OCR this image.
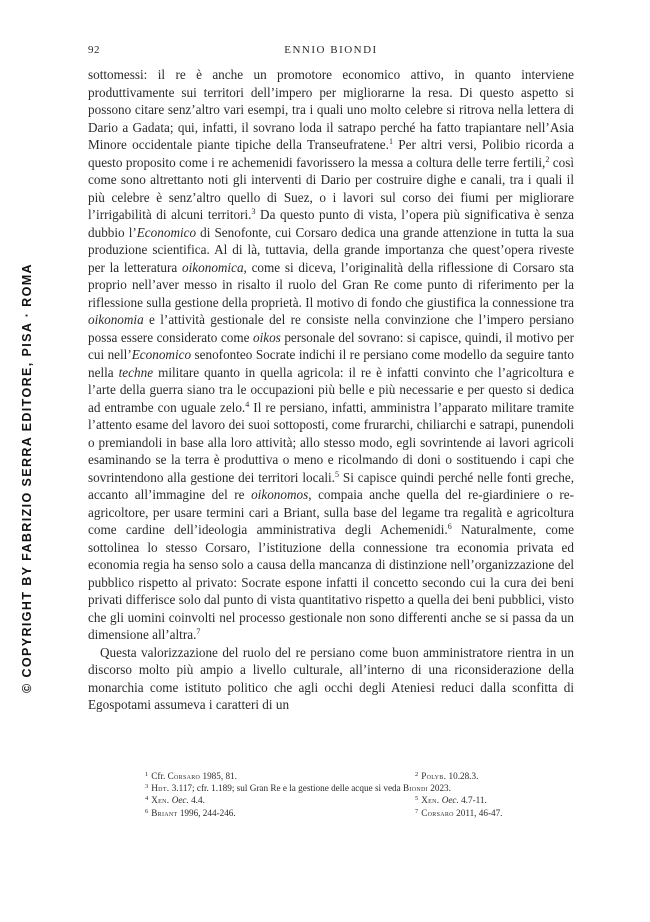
92	ENNIO BIONDI
© COPYRIGHT BY FABRIZIO SERRA EDITORE, PISA · ROMA

sottomessi: il re è anche un promotore economico attivo, in quanto interviene produttivamente sui territori dell’impero per migliorarne la resa. Di questo aspetto si possono citare senz’altro vari esempi, tra i quali uno molto celebre si ritrova nella lettera di Dario a Gadata; qui, infatti, il sovrano loda il satrapo perché ha fatto trapiantare nell’Asia Minore occidentale piante tipiche della Transeufratene.$^1$ Per altri versi, Polibio ricorda a questo proposito come i re achemenidi favorissero la messa a coltura delle terre fertili,$^2$ così come sono altrettanto noti gli interventi di Dario per costruire dighe e canali, tra i quali il più celebre è senz’altro quello di Suez, o i lavori sul corso dei fiumi per migliorare l’irrigabilità di alcuni territori.$^3$ Da questo punto di vista, l’opera più significativa è senza dubbio l’Economico di Senofonte, cui Corsaro dedica una grande attenzione in tutta la sua produzione scientifica. Al di là, tuttavia, della grande importanza che quest’opera riveste per la letteratura oikonomica, come si diceva, l’originalità della riflessione di Corsaro sta proprio nell’aver messo in risalto il ruolo del Gran Re come punto di riferimento per la riflessione sulla gestione della proprietà. Il motivo di fondo che giustifica la connessione tra oikonomia e l’attività gestionale del re consiste nella convinzione che l’impero persiano possa essere considerato come oikos personale del sovrano: si capisce, quindi, il motivo per cui nell’Economico senofonteo Socrate indichi il re persiano come modello da seguire tanto nella techne militare quanto in quella agricola: il re è infatti convinto che l’agricoltura e l’arte della guerra siano tra le occupazioni più belle e più necessarie e per questo si dedica ad entrambe con uguale zelo.$^4$ Il re persiano, infatti, amministra l’apparato militare tramite l’attento esame del lavoro dei suoi sottoposti, come frurarchi, chiliarchi e satrapi, punendoli o premiandoli in base alla loro attività; allo stesso modo, egli sovrintende ai lavori agricoli esaminando se la terra è produttiva o meno e ricolmando di doni o sostituendo i capi che sovrintendono alla gestione dei territori locali.$^5$ Si capisce quindi perché nelle fonti greche, accanto all’immagine del re oikonomos, compaia anche quella del re-giardiniere o re-agricoltore, per usare termini cari a Briant, sulla base del legame tra regalità e agricoltura come cardine dell’ideologia amministrativa degli Achemenidi.$^6$ Naturalmente, come sottolinea lo stesso Corsaro, l’istituzione della connessione tra economia privata ed economia regia ha senso solo a causa della mancanza di distinzione nell’organizzazione del pubblico rispetto al privato: Socrate espone infatti il concetto secondo cui la cura dei beni privati differisce solo dal punto di vista quantitativo rispetto a quella dei beni pubblici, visto che gli uomini coinvolti nel processo gestionale non sono differenti anche se si passa da un dimensione all’altra.$^7$

Questa valorizzazione del ruolo del re persiano come buon amministratore rientra in un discorso molto più ampio a livello culturale, all’interno di una riconsiderazione della monarchia come istituto politico che agli occhi degli Ateniesi reduci dalla sconfitta di Egospotami assumeva i caratteri di un

$^1$ Cfr. Corsaro 1985, 81.	$^2$ Polyb. 10.28.3.
$^3$ Hdt. 3.117; cfr. 1.189; sul Gran Re e la gestione delle acque si veda Biondi 2023.
$^4$ Xen. Oec. 4.4.	$^5$ Xen. Oec. 4.7-11.
$^6$ Briant 1996, 244-246.	$^7$ Corsaro 2011, 46-47.
